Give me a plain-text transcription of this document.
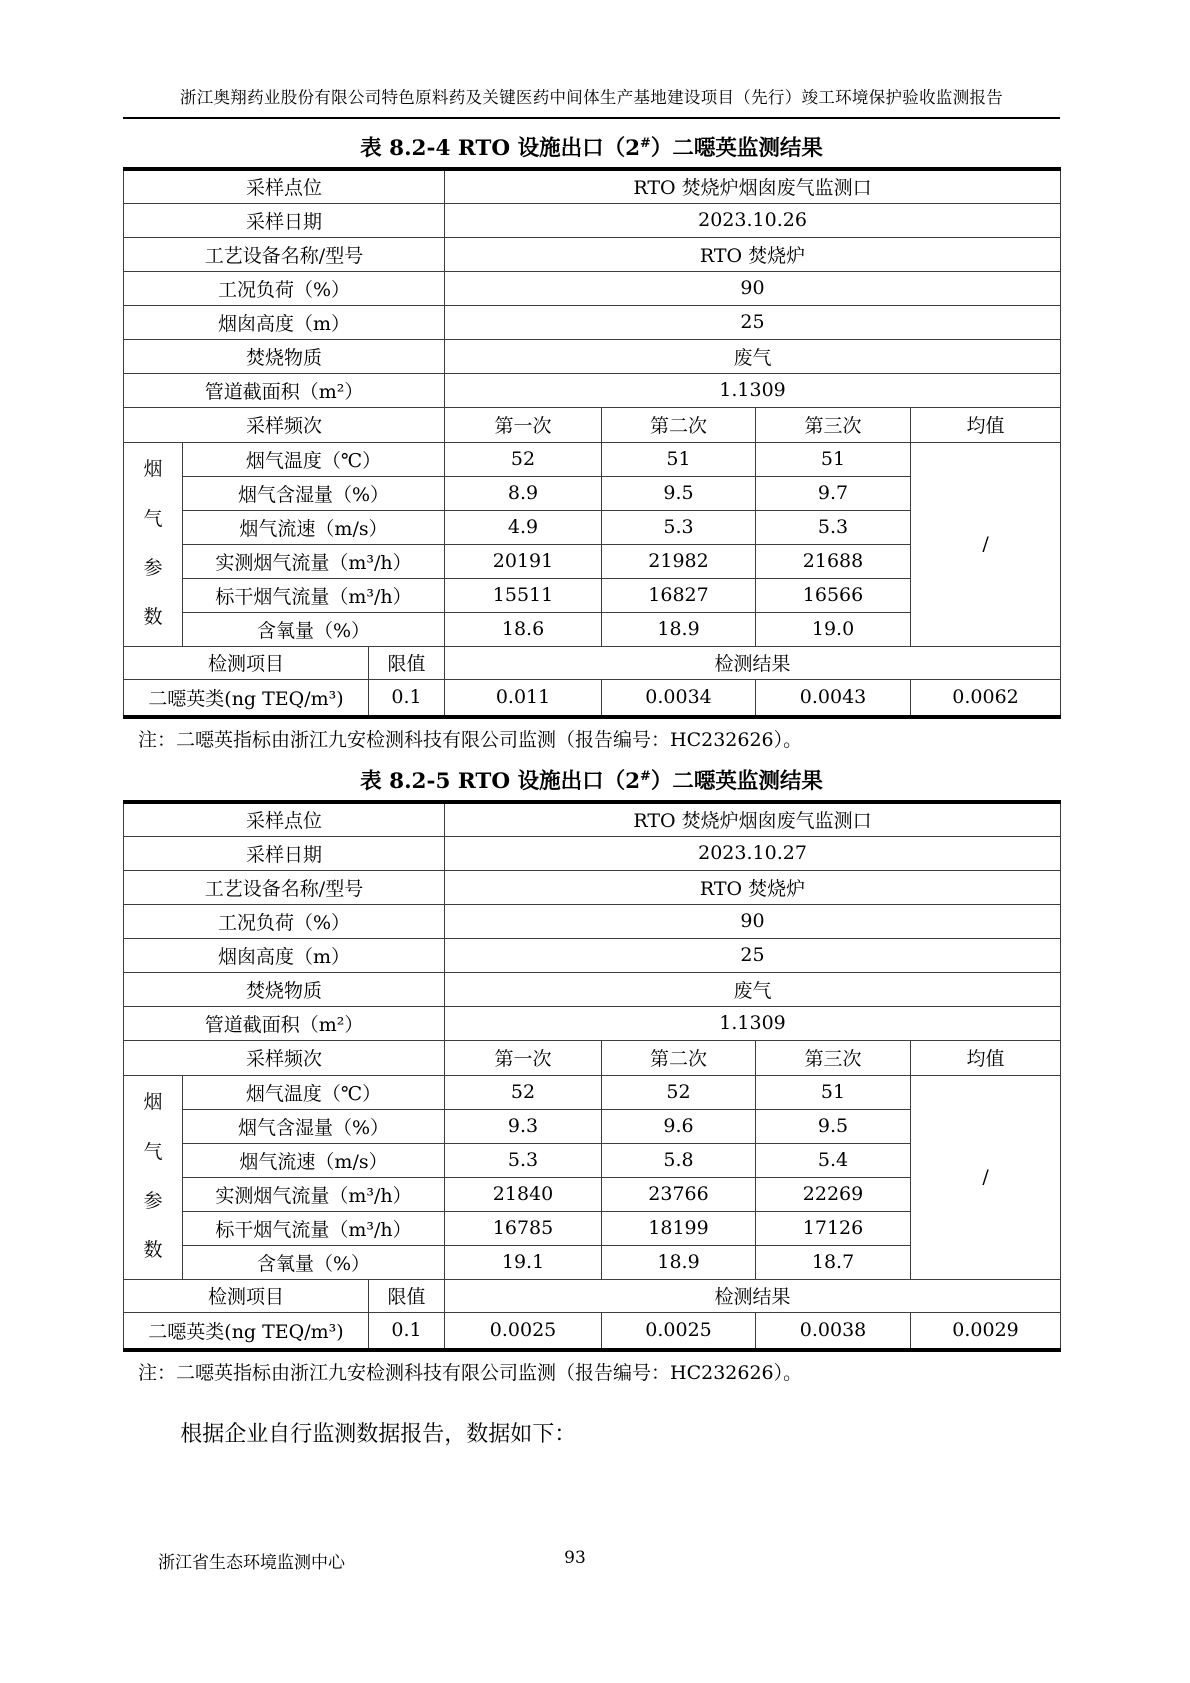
浙江奥翔药业股份有限公司特色原料药及关键医药中间体生产基地建设项目（先行）竣工环境保护验收监测报告
表 8.2-4 RTO 设施出口（2#）二噁英监测结果
采样点位			RTO 焚烧炉烟囱废气监测口			
采样日期			2023.10.26			
工艺设备名称/型号			RTO 焚烧炉			
工况负荷（%）			90			
烟囱高度（m）			25			
焚烧物质			废气			
管道截面积（m²）			1.1309			
采样频次			第一次	第二次	第三次	均值
烟气参数	烟气温度（℃）		52	51	51	/
	烟气含湿量（%）		8.9	9.5	9.7	
	烟气流速（m/s）		4.9	5.3	5.3	
	实测烟气流量（m³/h）		20191	21982	21688	
	标干烟气流量（m³/h）		15511	16827	16566	
	含氧量（%）		18.6	18.9	19.0	
检测项目		限值	检测结果			
二噁英类(ng TEQ/m³)		0.1	0.011	0.0034	0.0043	0.0062
注：二噁英指标由浙江九安检测科技有限公司监测（报告编号：HC232626）。
表 8.2-5 RTO 设施出口（2#）二噁英监测结果
采样点位			RTO 焚烧炉烟囱废气监测口			
采样日期			2023.10.27			
工艺设备名称/型号			RTO 焚烧炉			
工况负荷（%）			90			
烟囱高度（m）			25			
焚烧物质			废气			
管道截面积（m²）			1.1309			
采样频次			第一次	第二次	第三次	均值
烟气参数	烟气温度（℃）		52	52	51	/
	烟气含湿量（%）		9.3	9.6	9.5	
	烟气流速（m/s）		5.3	5.8	5.4	
	实测烟气流量（m³/h）		21840	23766	22269	
	标干烟气流量（m³/h）		16785	18199	17126	
	含氧量（%）		19.1	18.9	18.7	
检测项目		限值	检测结果			
二噁英类(ng TEQ/m³)		0.1	0.0025	0.0025	0.0038	0.0029
注：二噁英指标由浙江九安检测科技有限公司监测（报告编号：HC232626）。
根据企业自行监测数据报告，数据如下：
93
浙江省生态环境监测中心
